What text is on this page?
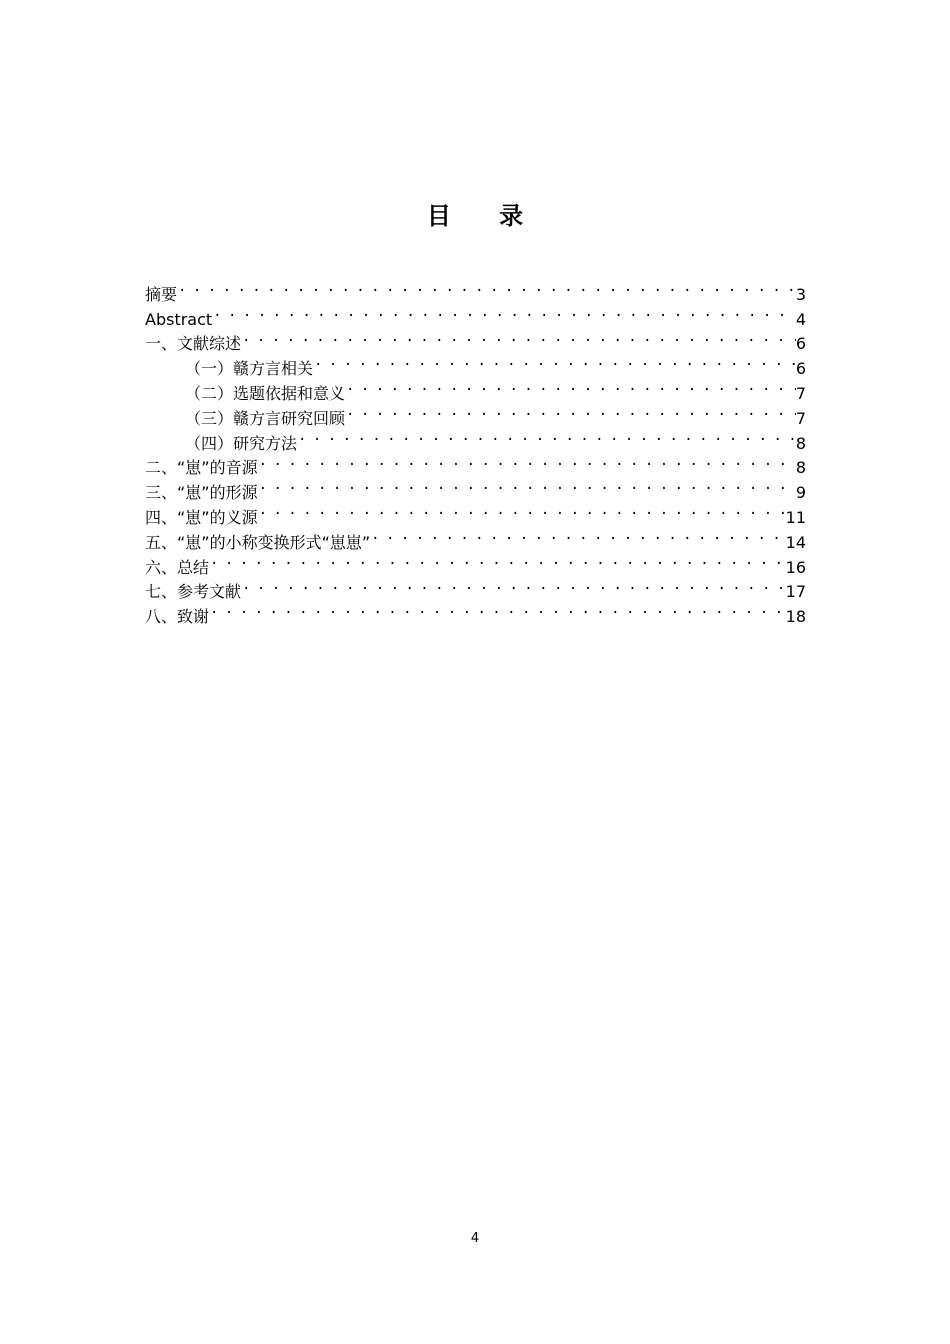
目 录
摘要 . . .	3
Abstract . . .	4
一、文献综述 . . .	6
（一）赣方言相关 . . .	6
（二）选题依据和意义 . . .	7
（三）赣方言研究回顾 . . .	7
（四）研究方法 . . .	8
二、“崽”的音源 . . .	8
三、“崽”的形源 . . .	9
四、“崽”的义源 . . .	11
五、“崽”的小称变换形式“崽崽” . . .	14
六、总结 . . .	16
七、参考文献 . . .	17
八、致谢 . . .	18
4
